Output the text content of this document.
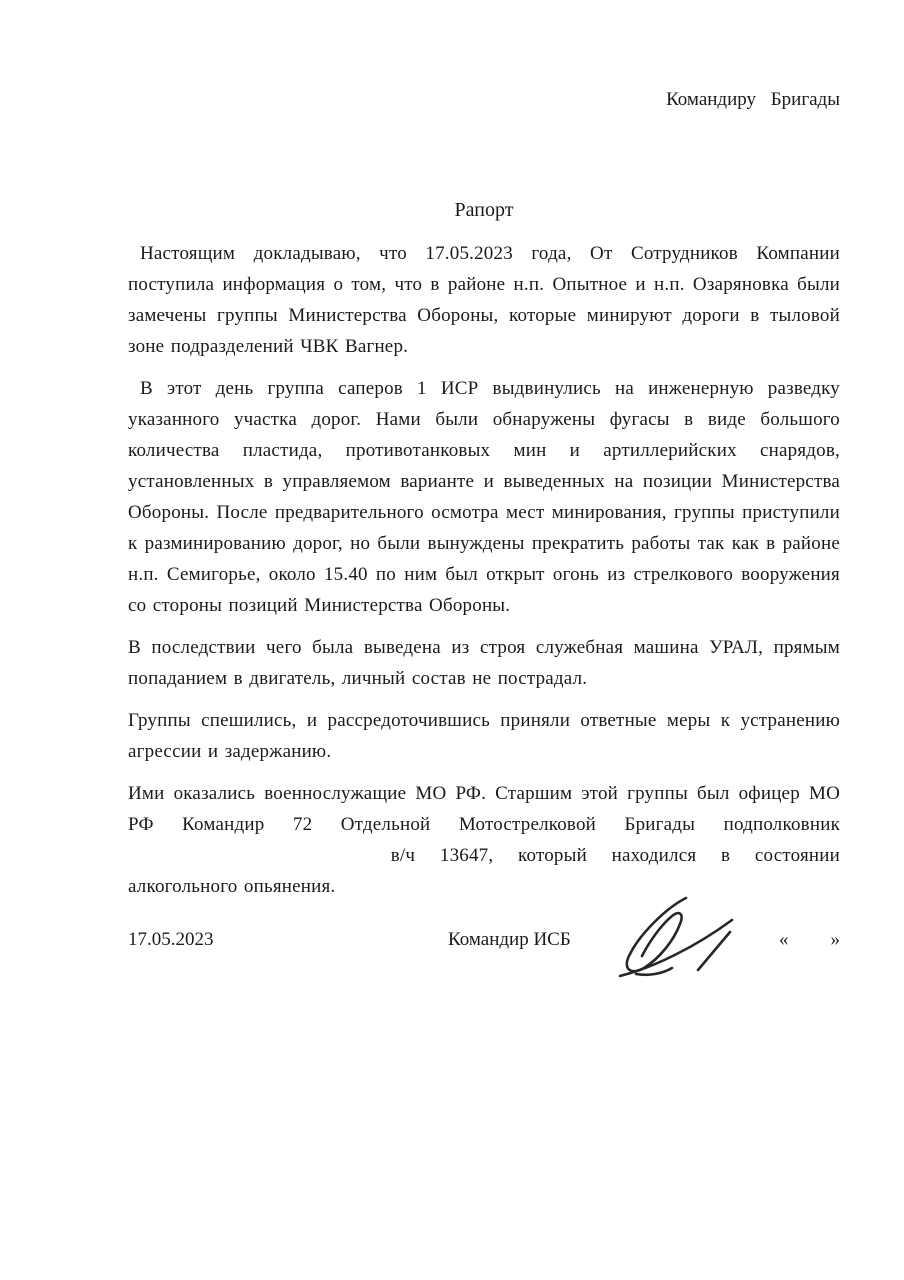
Командиру Бригады
Рапорт

Настоящим докладываю, что 17.05.2023 года, От Сотрудников Компании поступила информация о том, что в районе н.п. Опытное и н.п. Озаряновка были замечены группы Министерства Обороны, которые минируют дороги в тыловой зоне подразделений ЧВК Вагнер.

В этот день группа саперов 1 ИСР выдвинулись на инженерную разведку указанного участка дорог. Нами были обнаружены фугасы в виде большого количества пластида, противотанковых мин и артиллерийских снарядов, установленных в управляемом варианте и выведенных на позиции Министерства Обороны. После предварительного осмотра мест минирования, группы приступили к разминированию дорог, но были вынуждены прекратить работы так как в районе н.п. Семигорье, около 15.40 по ним был открыт огонь из стрелкового вооружения со стороны позиций Министерства Обороны.

В последствии чего была выведена из строя служебная машина УРАЛ, прямым попаданием в двигатель, личный состав не пострадал.

Группы спешились, и рассредоточившись приняли ответные меры к устранению агрессии и задержанию.

Ими оказались военнослужащие МО РФ. Старшим этой группы был офицер МО РФ Командир 72 Отдельной Мотострелковой Бригады подполковник  в/ч 13647, который находился в состоянии алкогольного опьянения.

17.05.2023	Командир ИСБ	« »
